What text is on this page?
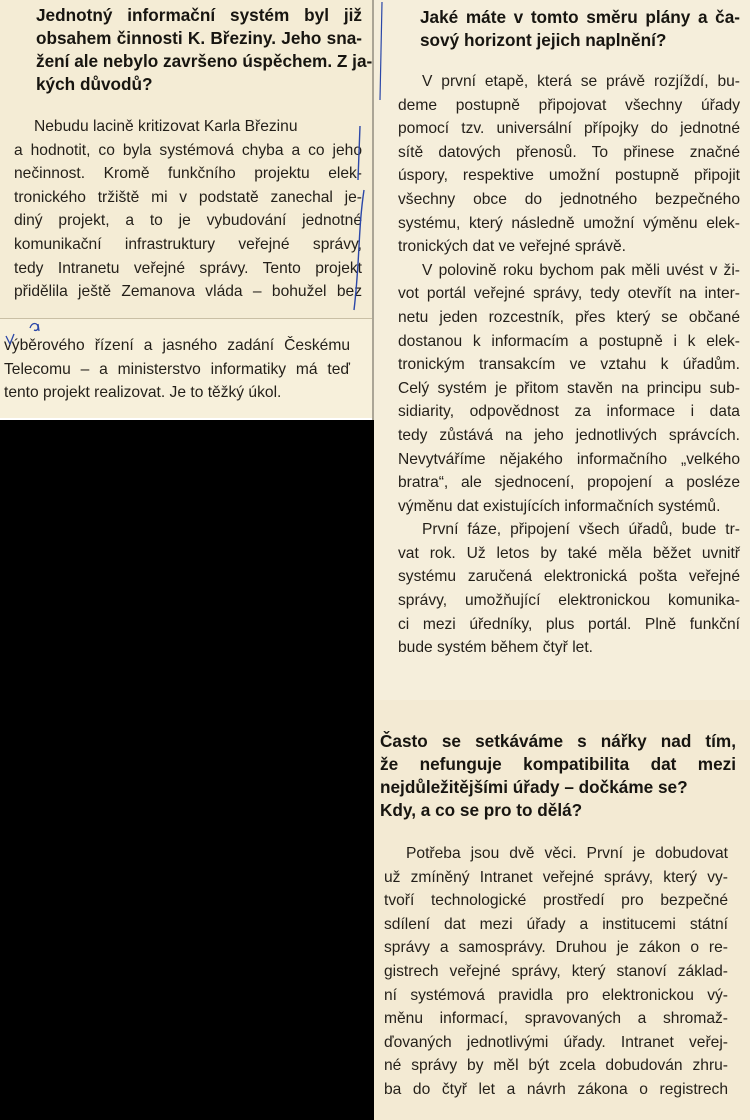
Jednotný informační systém byl již
obsahem činnosti K. Březiny. Jeho sna-
žení ale nebylo završeno úspěchem. Z ja-
kých důvodů?
Nebudu lacině kritizovat Karla Březinu
a hodnotit, co byla systémová chyba a co jeho
nečinnost. Kromě funkčního projektu elek-
tronického tržiště mi v podstatě zanechal je-
diný projekt, a to je vybudování jednotné
komunikační infrastruktury veřejné správy,
tedy Intranetu veřejné správy. Tento projekt
přidělila ještě Zemanova vláda – bohužel bez
výběrového řízení a jasného zadání Českému
Telecomu – a ministerstvo informatiky má teď
tento projekt realizovat. Je to těžký úkol.
Jaké máte v tomto směru plány a ča-
sový horizont jejich naplnění?
V první etapě, která se právě rozjíždí, bu-
deme postupně připojovat všechny úřady
pomocí tzv. universální přípojky do jednotné
sítě datových přenosů. To přinese značné
úspory, respektive umožní postupně připojit
všechny obce do jednotného bezpečného
systému, který následně umožní výměnu elek-
tronických dat ve veřejné správě.
V polovině roku bychom pak měli uvést v ži-
vot portál veřejné správy, tedy otevřít na inter-
netu jeden rozcestník, přes který se občané
dostanou k informacím a postupně i k elek-
tronickým transakcím ve vztahu k úřadům.
Celý systém je přitom stavěn na principu sub-
sidiarity, odpovědnost za informace i data
tedy zůstává na jeho jednotlivých správcích.
Nevytváříme nějakého informačního „velkého
bratra“, ale sjednocení, propojení a posléze
výměnu dat existujících informačních systémů.
První fáze, připojení všech úřadů, bude tr-
vat rok. Už letos by také měla běžet uvnitř
systému zaručená elektronická pošta veřejné
správy, umožňující elektronickou komunika-
ci mezi úředníky, plus portál. Plně funkční
bude systém během čtyř let.
Často se setkáváme s nářky nad tím,
že nefunguje kompatibilita dat mezi
nejdůležitějšími úřady – dočkáme se?
Kdy, a co se pro to dělá?
Potřeba jsou dvě věci. První je dobudovat
už zmíněný Intranet veřejné správy, který vy-
tvoří technologické prostředí pro bezpečné
sdílení dat mezi úřady a institucemi státní
správy a samosprávy. Druhou je zákon o re-
gistrech veřejné správy, který stanoví základ-
ní systémová pravidla pro elektronickou vý-
měnu informací, spravovaných a shromaž-
ďovaných jednotlivými úřady. Intranet veřej-
né správy by měl být zcela dobudován zhru-
ba do čtyř let a návrh zákona o registrech
